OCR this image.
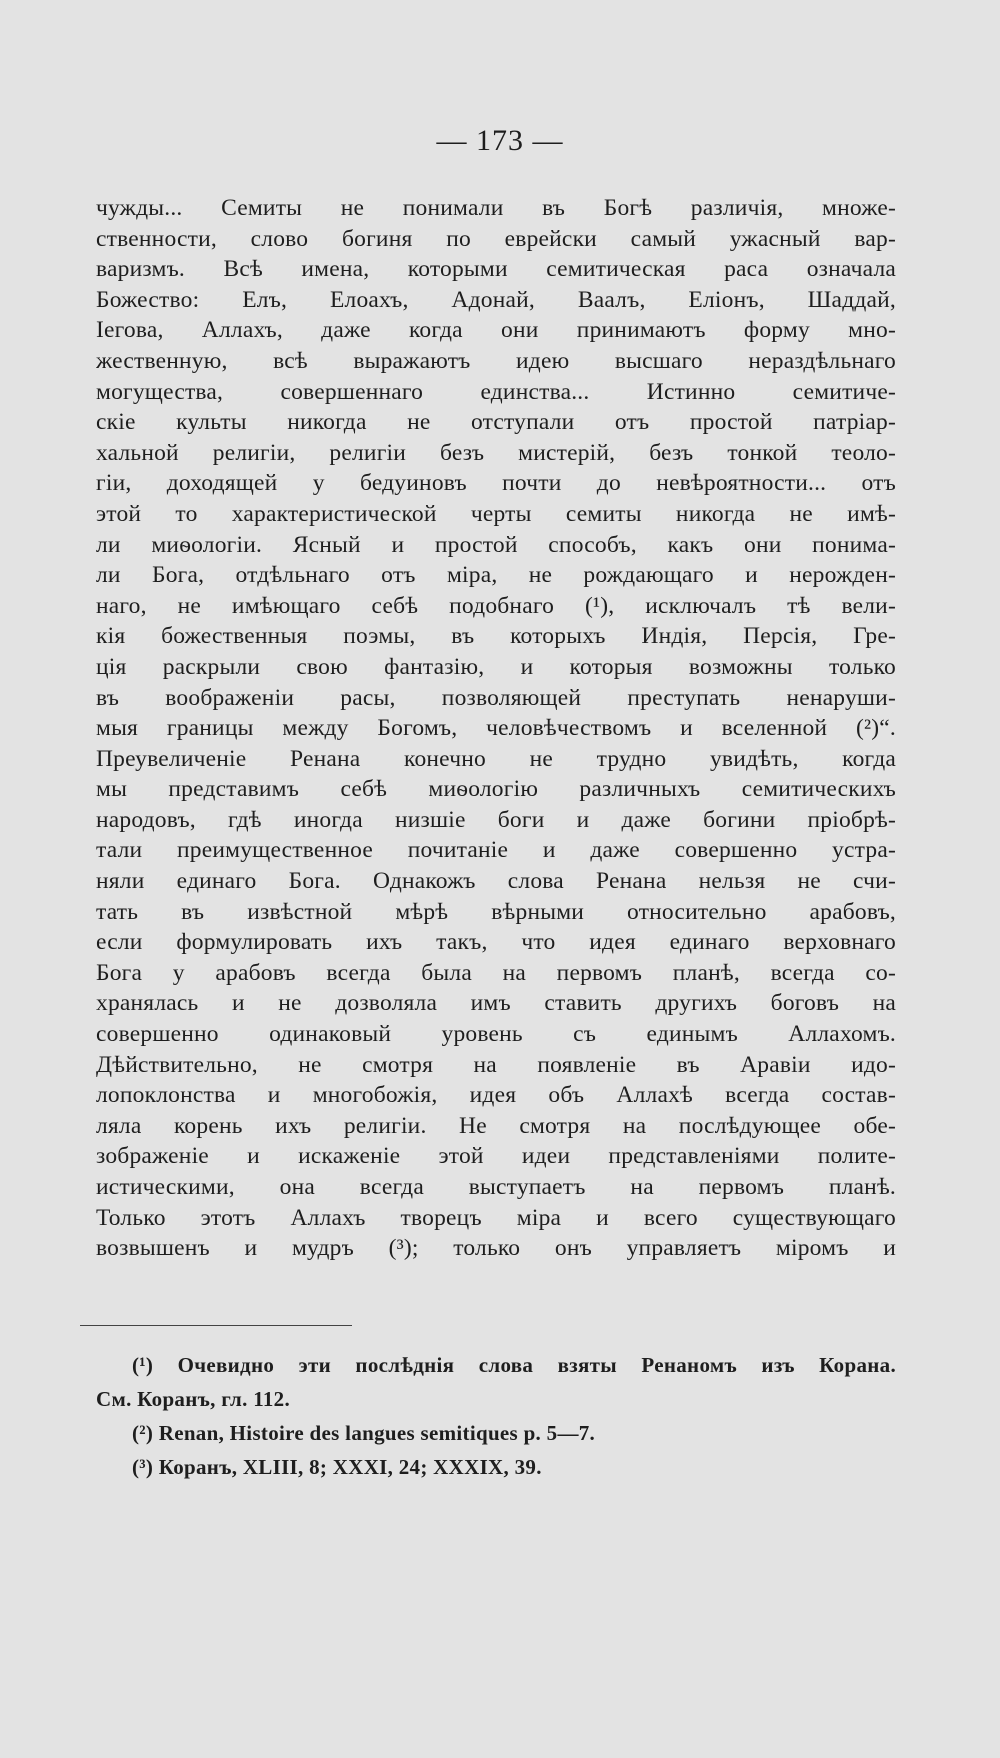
— 173 —
чужды... Семиты не понимали въ Богѣ различія, множе-
ственности, слово богиня по еврейски самый ужасный вар-
варизмъ. Всѣ имена, которыми семитическая раса означала
Божество: Елъ, Елоахъ, Адонай, Ваалъ, Еліонъ, Шаддай,
Iегова, Аллахъ, даже когда они принимаютъ форму мно-
жественную, всѣ выражаютъ идею высшаго нераздѣльнаго
могущества, совершеннаго единства... Истинно семитиче-
скіе культы никогда не отступали отъ простой патріар-
хальной религіи, религіи безъ мистерій, безъ тонкой теоло-
гіи, доходящей у бедуиновъ почти до невѣроятности... отъ
этой то характеристической черты семиты никогда не имѣ-
ли миѳологіи. Ясный и простой способъ, какъ они понима-
ли Бога, отдѣльнаго отъ міра, не рождающаго и нерожден-
наго, не имѣющаго себѣ подобнаго (¹), исключалъ тѣ вели-
кія божественныя поэмы, въ которыхъ Индія, Персія, Гре-
ція раскрыли свою фантазію, и которыя возможны только
въ воображеніи расы, позволяющей преступать ненаруши-
мыя границы между Богомъ, человѣчествомъ и вселенной (²)“.
Преувеличеніе Ренана конечно не трудно увидѣть, когда
мы представимъ себѣ миѳологію различныхъ семитическихъ
народовъ, гдѣ иногда низшіе боги и даже богини пріобрѣ-
тали преимущественное почитаніе и даже совершенно устра-
няли единаго Бога. Однакожъ слова Ренана нельзя не счи-
тать въ извѣстной мѣрѣ вѣрными относительно арабовъ,
если формулировать ихъ такъ, что идея единаго верховнаго
Бога у арабовъ всегда была на первомъ планѣ, всегда со-
хранялась и не дозволяла имъ ставить другихъ боговъ на
совершенно одинаковый уровень съ единымъ Аллахомъ.
Дѣйствительно, не смотря на появленіе въ Аравіи идо-
лопоклонства и многобожія, идея объ Аллахѣ всегда состав-
ляла корень ихъ религіи. Не смотря на послѣдующее обе-
зображеніе и искаженіе этой идеи представленіями полите-
истическими, она всегда выступаетъ на первомъ планѣ.
Только этотъ Аллахъ творецъ міра и всего существующаго
возвышенъ и мудръ (³); только онъ управляетъ міромъ и
(¹) Очевидно эти послѣднія слова взяты Ренаномъ изъ Корана.
См. Коранъ, гл. 112.
(²) Renan, Histoire des langues semitiques p. 5—7.
(³) Коранъ, XLIII, 8; XXXI, 24; XXXIX, 39.
